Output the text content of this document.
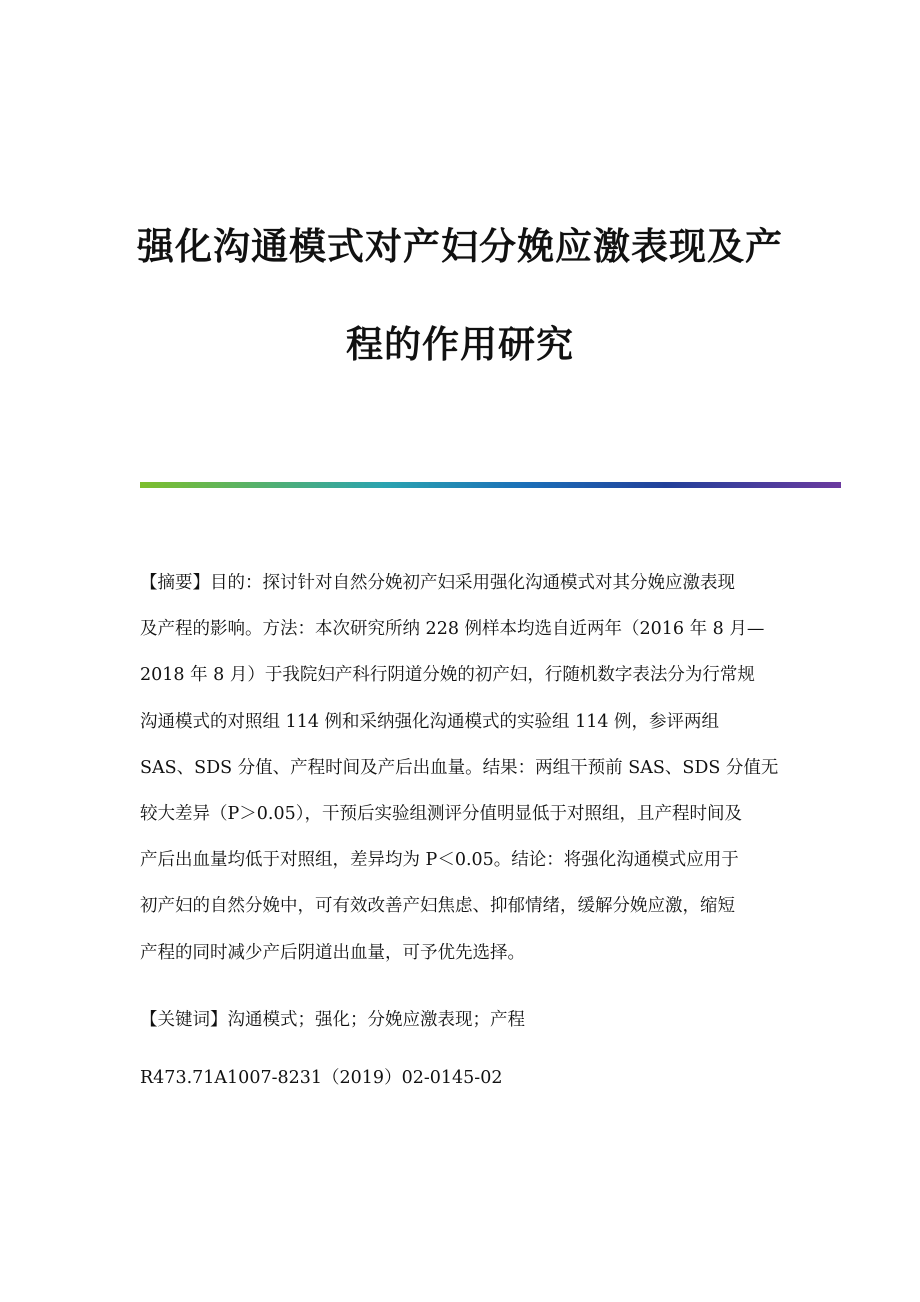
强化沟通模式对产妇分娩应激表现及产
程的作用研究
【摘要】目的：探讨针对自然分娩初产妇采用强化沟通模式对其分娩应激表现
及产程的影响。方法：本次研究所纳 228 例样本均选自近两年（2016 年 8 月—
2018 年 8 月）于我院妇产科行阴道分娩的初产妇，行随机数字表法分为行常规
沟通模式的对照组 114 例和采纳强化沟通模式的实验组 114 例，参评两组
SAS、SDS 分值、产程时间及产后出血量。结果：两组干预前 SAS、SDS 分值无
较大差异（P＞0.05），干预后实验组测评分值明显低于对照组，且产程时间及
产后出血量均低于对照组，差异均为 P＜0.05。结论：将强化沟通模式应用于
初产妇的自然分娩中，可有效改善产妇焦虑、抑郁情绪，缓解分娩应激，缩短
产程的同时减少产后阴道出血量，可予优先选择。
【关键词】沟通模式；强化；分娩应激表现；产程
R473.71A1007-8231（2019）02-0145-02
